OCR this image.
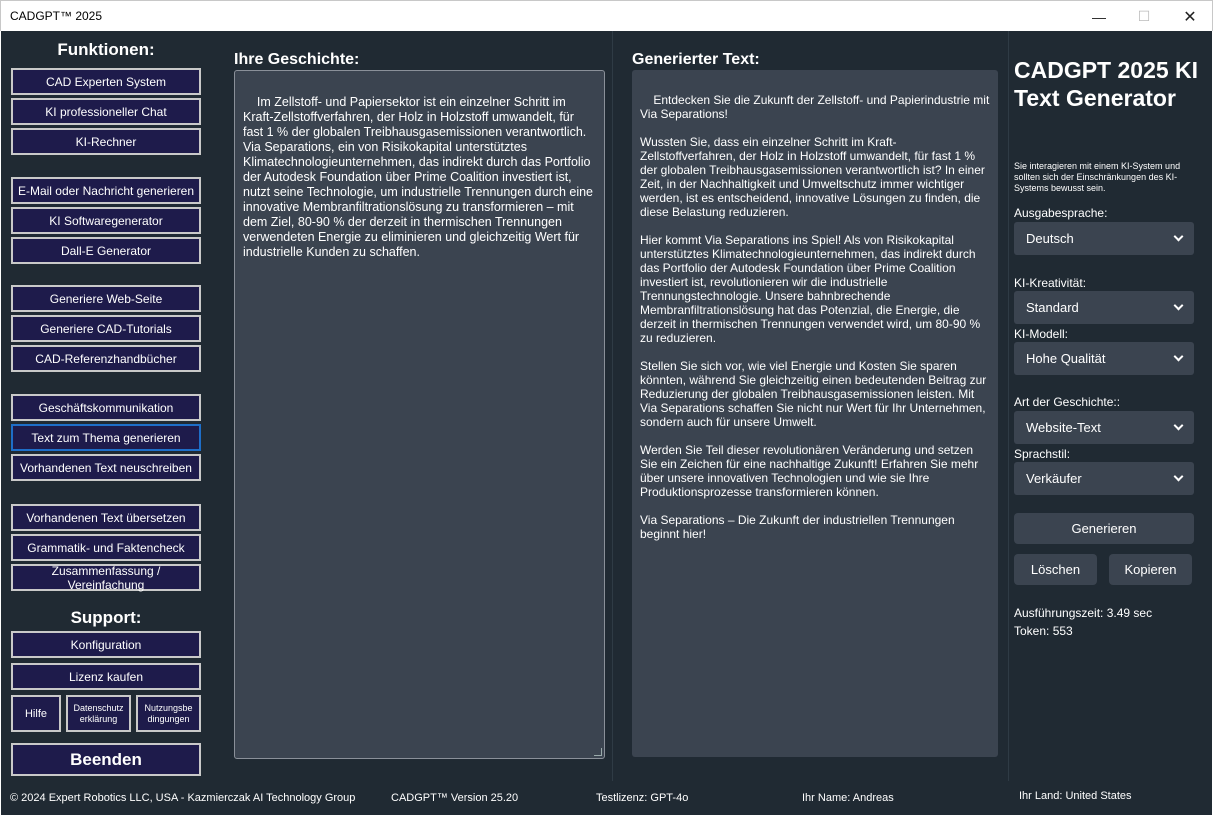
CADGPT™ 2025	—	☐	✕
Funktionen:
CAD Experten System
KI professioneller Chat
KI-Rechner
E-Mail oder Nachricht generieren
KI Softwaregenerator
Dall-E Generator
Generiere Web-Seite
Generiere CAD-Tutorials
CAD-Referenzhandbücher
Geschäftskommunikation
Text zum Thema generieren
Vorhandenen Text neuschreiben
Vorhandenen Text übersetzen
Grammatik- und Faktencheck
Zusammenfassung / Vereinfachung
Support:
Konfiguration
Lizenz kaufen
Hilfe	Datenschutz erklärung
Nutzungsbe dingungen
Beenden
Ihre Geschichte:

Im Zellstoff- und Papiersektor ist ein einzelner Schritt im Kraft-Zellstoffverfahren, der Holz in Holzstoff umwandelt, für fast 1 % der globalen Treibhausgasemissionen verantwortlich. Via Separations, ein von Risikokapital unterstütztes Klimatechnologieunternehmen, das indirekt durch das Portfolio der Autodesk Foundation über Prime Coalition investiert ist, nutzt seine Technologie, um industrielle Trennungen durch eine innovative Membranfiltrationslösung zu transformieren – mit dem Ziel, 80-90 % der derzeit in thermischen Trennungen verwendeten Energie zu eliminieren und gleichzeitig Wert für industrielle Kunden zu schaffen.

Generierter Text:

Entdecken Sie die Zukunft der Zellstoff- und Papierindustrie mit Via Separations!

Wussten Sie, dass ein einzelner Schritt im Kraft-Zellstoffverfahren, der Holz in Holzstoff umwandelt, für fast 1 % der globalen Treibhausgasemissionen verantwortlich ist? In einer Zeit, in der Nachhaltigkeit und Umweltschutz immer wichtiger werden, ist es entscheidend, innovative Lösungen zu finden, die diese Belastung reduzieren.

Hier kommt Via Separations ins Spiel! Als von Risikokapital unterstütztes Klimatechnologieunternehmen, das indirekt durch das Portfolio der Autodesk Foundation über Prime Coalition investiert ist, revolutionieren wir die industrielle Trennungstechnologie. Unsere bahnbrechende Membranfiltrationslösung hat das Potenzial, die Energie, die derzeit in thermischen Trennungen verwendet wird, um 80-90 % zu reduzieren.

Stellen Sie sich vor, wie viel Energie und Kosten Sie sparen könnten, während Sie gleichzeitig einen bedeutenden Beitrag zur Reduzierung der globalen Treibhausgasemissionen leisten. Mit Via Separations schaffen Sie nicht nur Wert für Ihr Unternehmen, sondern auch für unsere Umwelt.

Werden Sie Teil dieser revolutionären Veränderung und setzen Sie ein Zeichen für eine nachhaltige Zukunft! Erfahren Sie mehr über unsere innovativen Technologien und wie sie Ihre Produktionsprozesse transformieren können.

Via Separations – Die Zukunft der industriellen Trennungen beginnt hier!

CADGPT 2025 KI Text Generator
Sie interagieren mit einem KI-System und sollten sich der Einschränkungen des KI-Systems bewusst sein.
Ausgabesprache:
Deutsch
KI-Kreativität:
Standard
KI-Modell:
Hohe Qualität
Art der Geschichte::
Website-Text
Sprachstil:
Verkäufer
Generieren
Löschen	Kopieren
Ausführungszeit: 3.49 sec
Token: 553
© 2024 Expert Robotics LLC, USA - Kazmierczak AI Technology Group	CADGPT™ Version 25.20	Testlizenz: GPT-4o	Ihr Name: Andreas	Ihr Land: United States
